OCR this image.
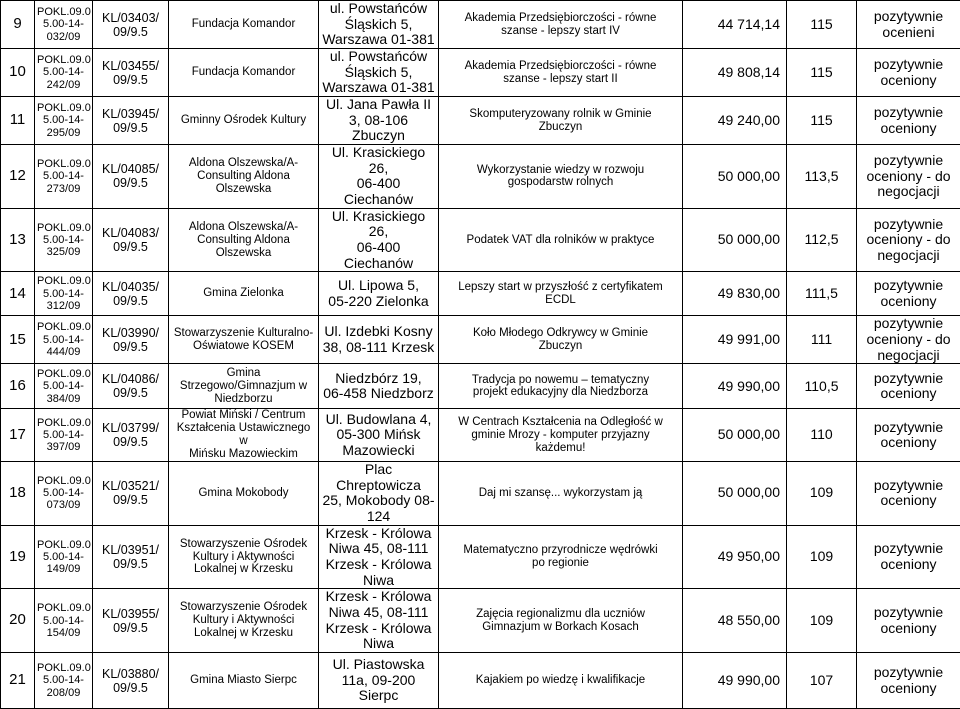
9	POKL.09.0
5.00-14-
032/09	KL/03403/
09/9.5	Fundacja Komandor	ul. Powstańców
Śląskich 5,
Warszawa 01-381	Akademia Przedsiębiorczości - równe
szanse - lepszy start IV	44 714,14	115	pozytywnie
ocenieni

10	POKL.09.0
5.00-14-
242/09	KL/03455/
09/9.5	Fundacja Komandor	ul. Powstańców
Śląskich 5,
Warszawa 01-381	Akademia Przedsiębiorczości - równe
szanse - lepszy start II	49 808,14	115	pozytywnie
oceniony

11	POKL.09.0
5.00-14-
295/09	KL/03945/
09/9.5	Gminny Ośrodek Kultury	Ul. Jana Pawła II
3, 08-106 Zbuczyn	Skomputeryzowany rolnik w Gminie
Zbuczyn	49 240,00	115	pozytywnie
oceniony

12	POKL.09.0
5.00-14-
273/09	KL/04085/
09/9.5	Aldona Olszewska/A-
Consulting Aldona
Olszewska	Ul. Krasickiego 26,
06-400 Ciechanów	Wykorzystanie wiedzy w rozwoju
gospodarstw rolnych	50 000,00	113,5	pozytywnie
oceniony - do
negocjacji

13	POKL.09.0
5.00-14-
325/09	KL/04083/
09/9.5	Aldona Olszewska/A-
Consulting Aldona
Olszewska	Ul. Krasickiego 26,
06-400 Ciechanów	Podatek VAT dla rolników w praktyce	50 000,00	112,5	pozytywnie
oceniony - do
negocjacji

14	POKL.09.0
5.00-14-
312/09	KL/04035/
09/9.5	Gmina Zielonka	Ul. Lipowa 5,
05-220 Zielonka	Lepszy start w przyszłość z certyfikatem
ECDL	49 830,00	111,5	pozytywnie
oceniony

15	POKL.09.0
5.00-14-
444/09	KL/03990/
09/9.5	Stowarzyszenie Kulturalno-
Oświatowe KOSEM	Ul. Izdebki Kosny
38, 08-111 Krzesk	Koło Młodego Odkrywcy w Gminie
Zbuczyn	49 991,00	111	pozytywnie
oceniony - do
negocjacji

16	POKL.09.0
5.00-14-
384/09	KL/04086/
09/9.5	Gmina
Strzegowo/Gimnazjum w
Niedzborzu	Niedzbórz 19,
06-458 Niedzborz	Tradycja po nowemu – tematyczny
projekt edukacyjny dla Niedzborza	49 990,00	110,5	pozytywnie
oceniony

17	POKL.09.0
5.00-14-
397/09	KL/03799/
09/9.5	Powiat Miński / Centrum
Kształcenia Ustawicznego w
Mińsku Mazowieckim	Ul. Budowlana 4,
05-300 Mińsk
Mazowiecki	W Centrach Kształcenia na Odległość w
gminie Mrozy - komputer przyjazny
każdemu!	50 000,00	110	pozytywnie
oceniony

18	POKL.09.0
5.00-14-
073/09	KL/03521/
09/9.5	Gmina Mokobody	Plac Chreptowicza
25, Mokobody 08-
124	Daj mi szansę... wykorzystam ją	50 000,00	109	pozytywnie
oceniony

19	POKL.09.0
5.00-14-
149/09	KL/03951/
09/9.5	Stowarzyszenie Ośrodek
Kultury i Aktywności
Lokalnej w Krzesku	Krzesk - Królowa
Niwa 45, 08-111
Krzesk - Królowa
Niwa	Matematyczno przyrodnicze wędrówki
po regionie	49 950,00	109	pozytywnie
oceniony

20	POKL.09.0
5.00-14-
154/09	KL/03955/
09/9.5	Stowarzyszenie Ośrodek
Kultury i Aktywności
Lokalnej w Krzesku	Krzesk - Królowa
Niwa 45, 08-111
Krzesk - Królowa
Niwa	Zajęcia regionalizmu dla uczniów
Gimnazjum w Borkach Kosach	48 550,00	109	pozytywnie
oceniony

21	POKL.09.0
5.00-14-
208/09	KL/03880/
09/9.5	Gmina Miasto Sierpc	Ul. Piastowska
11a, 09-200 Sierpc	Kajakiem po wiedzę i kwalifikacje	49 990,00	107	pozytywnie
oceniony
